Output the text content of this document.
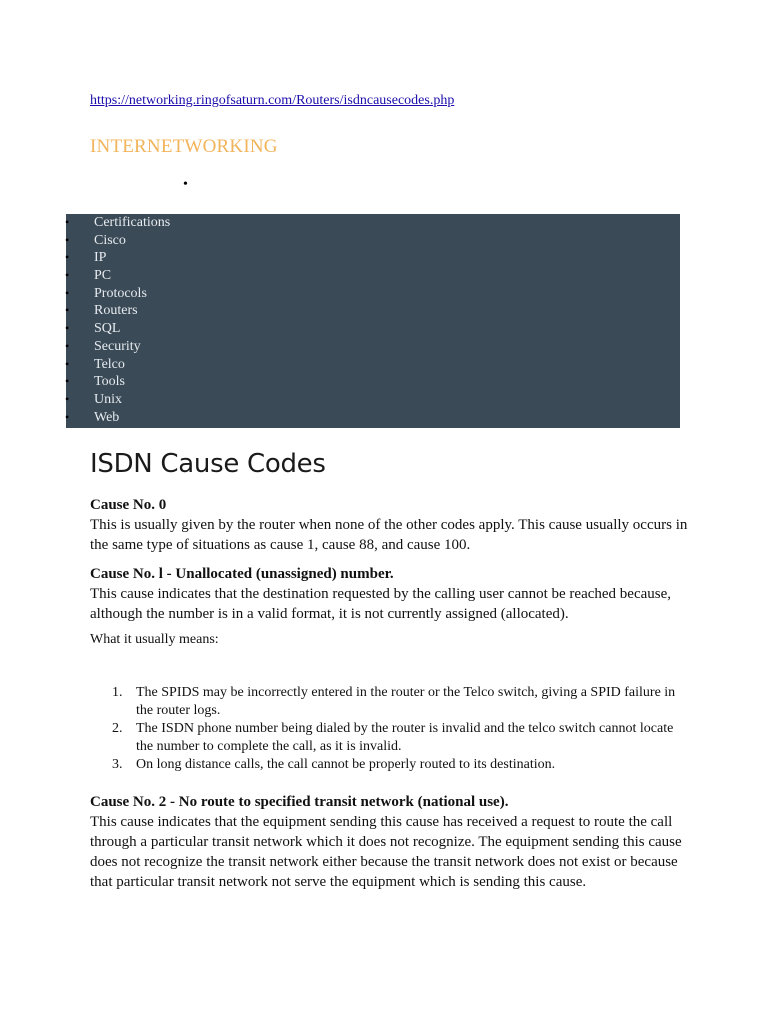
https://networking.ringofsaturn.com/Routers/isdncausecodes.php
INTERNETWORKING
•
• Certifications
• Cisco
• IP
• PC
• Protocols
• Routers
• SQL
• Security
• Telco
• Tools
• Unix
• Web
ISDN Cause Codes

Cause No. 0

This is usually given by the router when none of the other codes apply. This cause usually occurs in the same type of situations as cause 1, cause 88, and cause 100.

Cause No. l - Unallocated (unassigned) number.

This cause indicates that the destination requested by the calling user cannot be reached because, although the number is in a valid format, it is not currently assigned (allocated).

What it usually means:

1. The SPIDS may be incorrectly entered in the router or the Telco switch, giving a SPID failure in the router logs.
2. The ISDN phone number being dialed by the router is invalid and the telco switch cannot locate the number to complete the call, as it is invalid.
3. On long distance calls, the call cannot be properly routed to its destination.

Cause No. 2 - No route to specified transit network (national use).

This cause indicates that the equipment sending this cause has received a request to route the call through a particular transit network which it does not recognize. The equipment sending this cause does not recognize the transit network either because the transit network does not exist or because that particular transit network not serve the equipment which is sending this cause.
